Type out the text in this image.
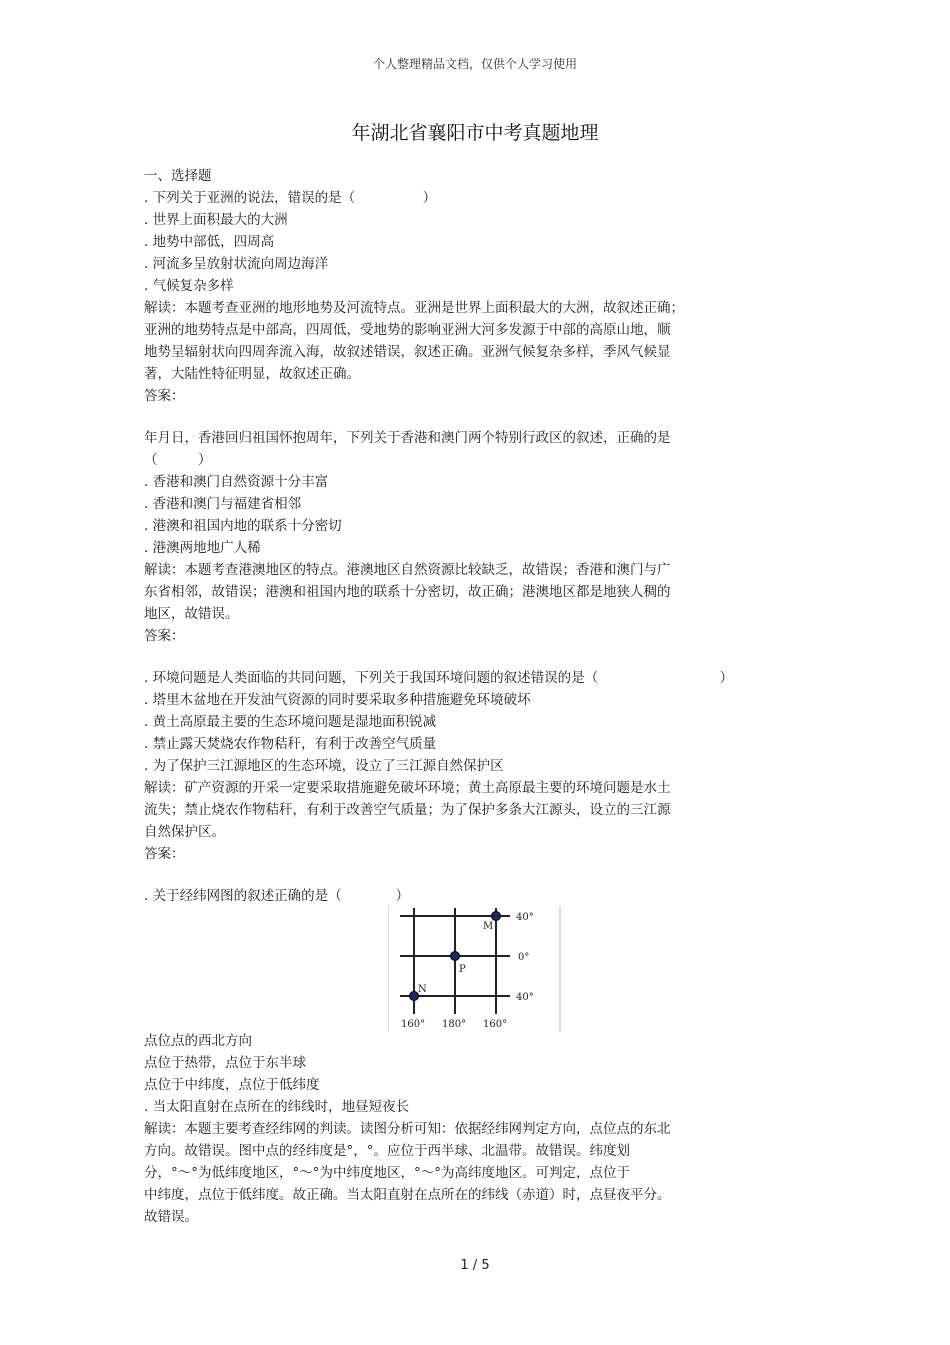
个人整理精品文档，仅供个人学习使用
年湖北省襄阳市中考真题地理
一、选择题
. 下列关于亚洲的说法，错误的是（　　　　　）
. 世界上面积最大的大洲
. 地势中部低，四周高
. 河流多呈放射状流向周边海洋
. 气候复杂多样
解读：本题考查亚洲的地形地势及河流特点。亚洲是世界上面积最大的大洲，故叙述正确；
亚洲的地势特点是中部高，四周低，受地势的影响亚洲大河多发源于中部的高原山地，顺
地势呈辐射状向四周奔流入海，故叙述错误，叙述正确。亚洲气候复杂多样，季风气候显
著，大陆性特征明显，故叙述正确。
答案：
年月日，香港回归祖国怀抱周年，下列关于香港和澳门两个特别行政区的叙述，正确的是
（　　　）
. 香港和澳门自然资源十分丰富
. 香港和澳门与福建省相邻
. 港澳和祖国内地的联系十分密切
. 港澳两地地广人稀
解读：本题考查港澳地区的特点。港澳地区自然资源比较缺乏，故错误；香港和澳门与广
东省相邻，故错误；港澳和祖国内地的联系十分密切，故正确；港澳地区都是地狭人稠的
地区，故错误。
答案：
. 环境问题是人类面临的共同问题，下列关于我国环境问题的叙述错误的是（　　　　　　　　　）
. 塔里木盆地在开发油气资源的同时要采取多种措施避免环境破坏
. 黄土高原最主要的生态环境问题是湿地面积锐减
. 禁止露天焚烧农作物秸秆，有利于改善空气质量
. 为了保护三江源地区的生态环境，设立了三江源自然保护区
解读：矿产资源的开采一定要采取措施避免破坏环境；黄土高原最主要的环境问题是水土
流失；禁止烧农作物秸秆，有利于改善空气质量；为了保护多条大江源头，设立的三江源
自然保护区。
答案：
. 关于经纬网图的叙述正确的是（　　　　）
点位点的西北方向
点位于热带，点位于东半球
点位于中纬度，点位于低纬度
. 当太阳直射在点所在的纬线时，地昼短夜长
解读：本题主要考查经纬网的判读。读图分析可知：依据经纬网判定方向，点位点的东北
方向。故错误。图中点的经纬度是°，°。应位于西半球、北温带。故错误。纬度划
分，°～°为低纬度地区，°～°为中纬度地区，°～°为高纬度地区。可判定，点位于
中纬度，点位于低纬度。故正确。当太阳直射在点所在的纬线（赤道）时，点昼夜平分。
故错误。
M
P
N
40°
0°
40°
160° 180° 160°
1 / 5
